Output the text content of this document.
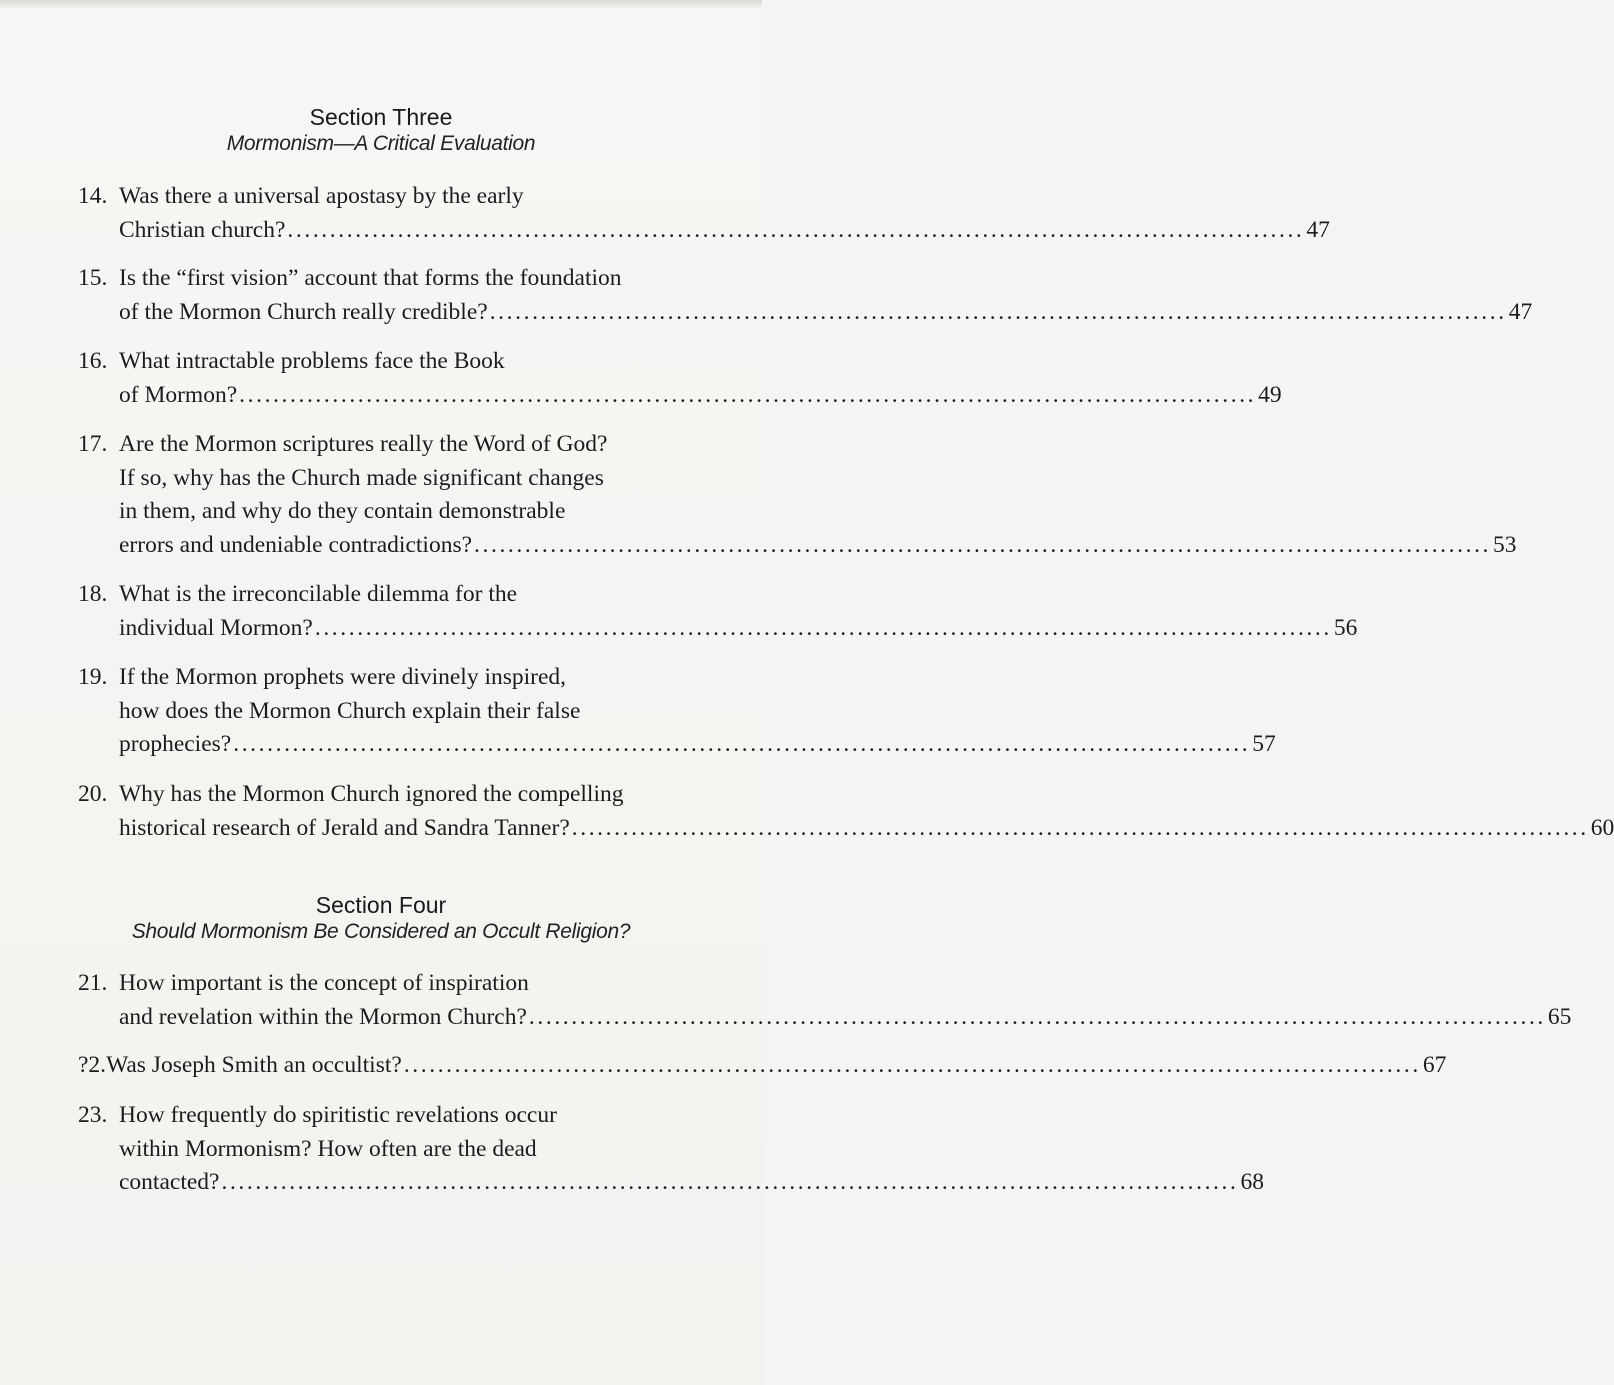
Section Three
Mormonism—A Critical Evaluation
14. Was there a universal apostasy by the early
Christian church? ........................................................................................................................ 47
15. Is the “first vision” account that forms the foundation
of the Mormon Church really credible? ........................................................................................................................ 47
16. What intractable problems face the Book
of Mormon? ........................................................................................................................ 49
17. Are the Mormon scriptures really the Word of God?
If so, why has the Church made significant changes
in them, and why do they contain demonstrable
errors and undeniable contradictions? ........................................................................................................................ 53
18. What is the irreconcilable dilemma for the
individual Mormon? ........................................................................................................................ 56
19. If the Mormon prophets were divinely inspired,
how does the Mormon Church explain their false
prophecies? ........................................................................................................................ 57
20. Why has the Mormon Church ignored the compelling
historical research of Jerald and Sandra Tanner? ........................................................................................................................ 60
Section Four
Should Mormonism Be Considered an Occult Religion?
21. How important is the concept of inspiration
and revelation within the Mormon Church? ........................................................................................................................ 65
?2. Was Joseph Smith an occultist? ........................................................................................................................ 67
23. How frequently do spiritistic revelations occur
within Mormonism? How often are the dead
contacted? ........................................................................................................................ 68
